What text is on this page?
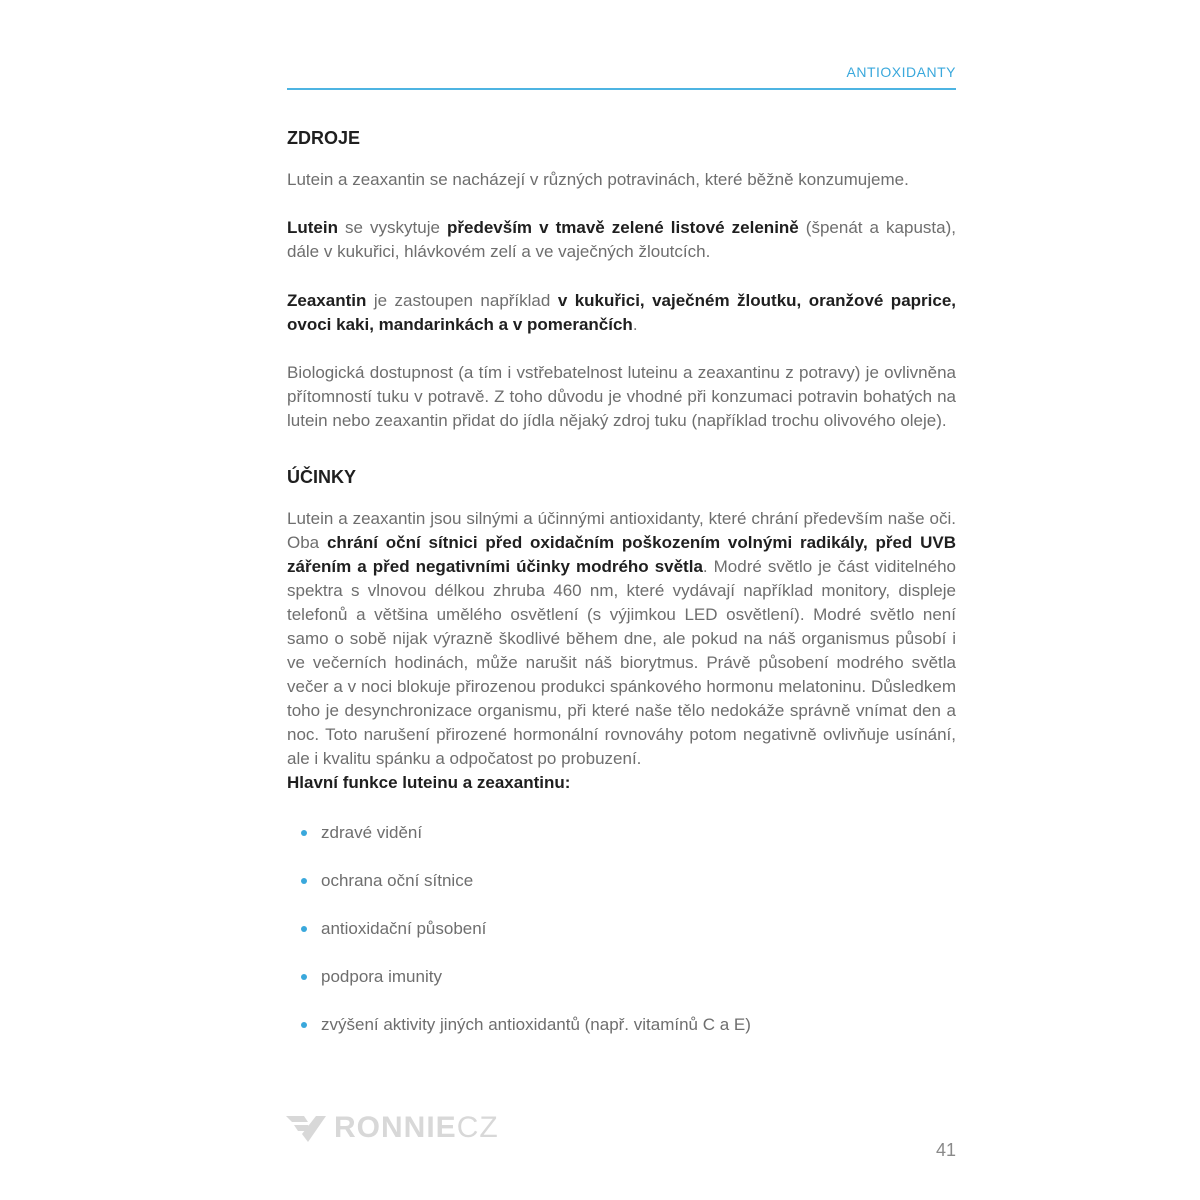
ANTIOXIDANTY
ZDROJE

Lutein a zeaxantin se nacházejí v různých potravinách, které běžně konzumujeme.

Lutein se vyskytuje především v tmavě zelené listové zelenině (špenát a kapusta), dále v kukuřici, hlávkovém zelí a ve vaječných žloutcích.

Zeaxantin je zastoupen například v kukuřici, vaječném žloutku, oranžové paprice, ovoci kaki, mandarinkách a v pomerančích.

Biologická dostupnost (a tím i vstřebatelnost luteinu a zeaxantinu z potravy) je ovlivněna přítomností tuku v potravě. Z toho důvodu je vhodné při konzumaci potravin bohatých na lutein nebo zeaxantin přidat do jídla nějaký zdroj tuku (například trochu olivového oleje).

ÚČINKY

Lutein a zeaxantin jsou silnými a účinnými antioxidanty, které chrání především naše oči. Oba chrání oční sítnici před oxidačním poškozením volnými radikály, před UVB zářením a před negativními účinky modrého světla. Modré světlo je část viditelného spektra s vlnovou délkou zhruba 460 nm, které vydávají například monitory, displeje telefonů a většina umělého osvětlení (s výjimkou LED osvětlení). Modré světlo není samo o sobě nijak výrazně škodlivé během dne, ale pokud na náš organismus působí i ve večerních hodinách, může narušit náš biorytmus. Právě působení modrého světla večer a v noci blokuje přirozenou produkci spánkového hormonu melatoninu. Důsledkem toho je desynchronizace organismu, při které naše tělo nedokáže správně vnímat den a noc. Toto narušení přirozené hormonální rovnováhy potom negativně ovlivňuje usínání, ale i kvalitu spánku a odpočatost po probuzení.

Hlavní funkce luteinu a zeaxantinu:

zdravé vidění
ochrana oční sítnice
antioxidační působení
podpora imunity
zvýšení aktivity jiných antioxidantů (např. vitamínů C a E)
RONNIECZ
41
